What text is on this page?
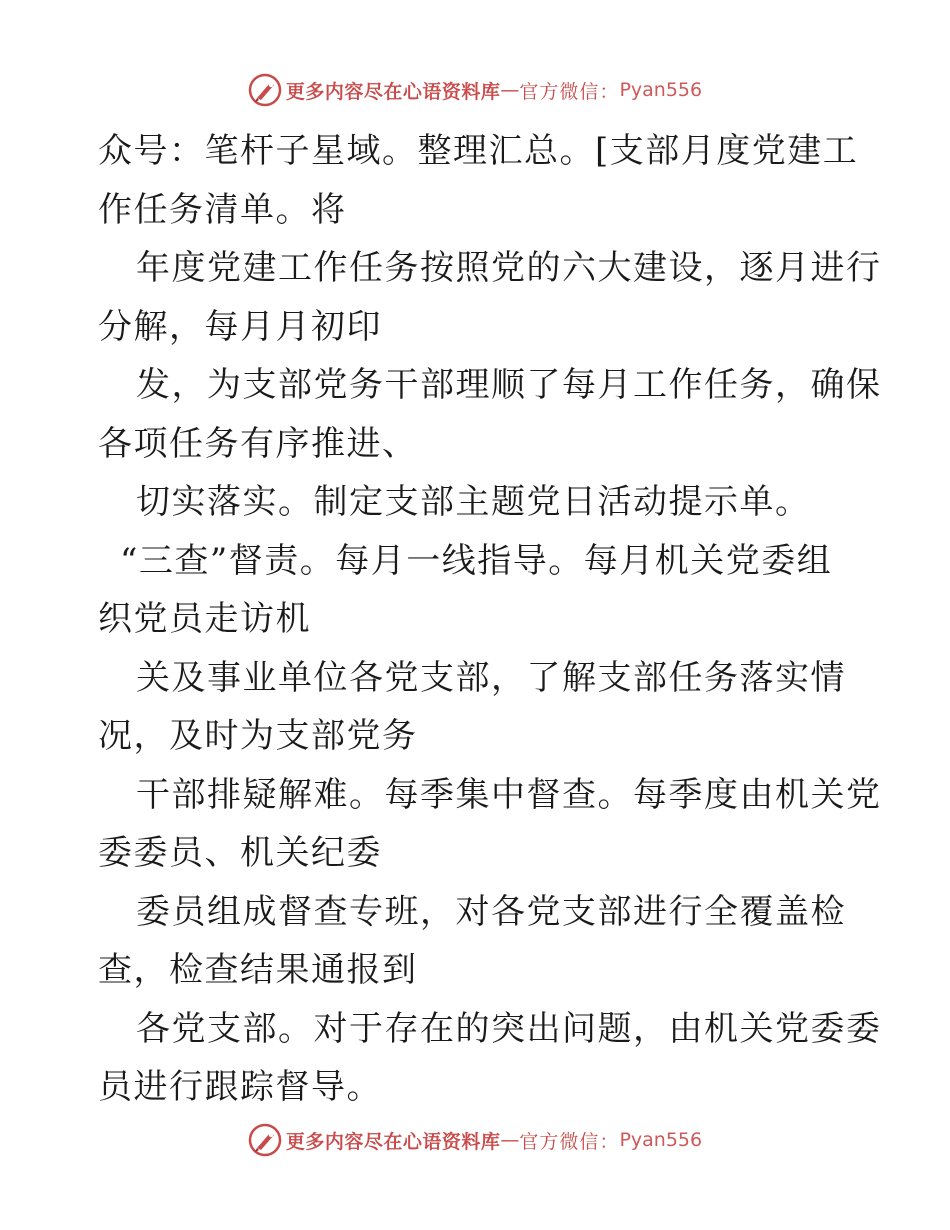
更多内容尽在心语资料库 — 官方微信： Pyan556
众号：笔杆子星域。整理汇总。[支部月度党建工
作任务清单。将
年度党建工作任务按照党的六大建设，逐月进行
分解，每月月初印
发，为支部党务干部理顺了每月工作任务，确保
各项任务有序推进、
切实落实。制定支部主题党日活动提示单。
“三查”督责。每月一线指导。每月机关党委组
织党员走访机
关及事业单位各党支部，了解支部任务落实情
况，及时为支部党务
干部排疑解难。每季集中督查。每季度由机关党
委委员、机关纪委
委员组成督查专班，对各党支部进行全覆盖检
查，检查结果通报到
各党支部。对于存在的突出问题，由机关党委委
员进行跟踪督导。
更多内容尽在心语资料库 — 官方微信： Pyan556
